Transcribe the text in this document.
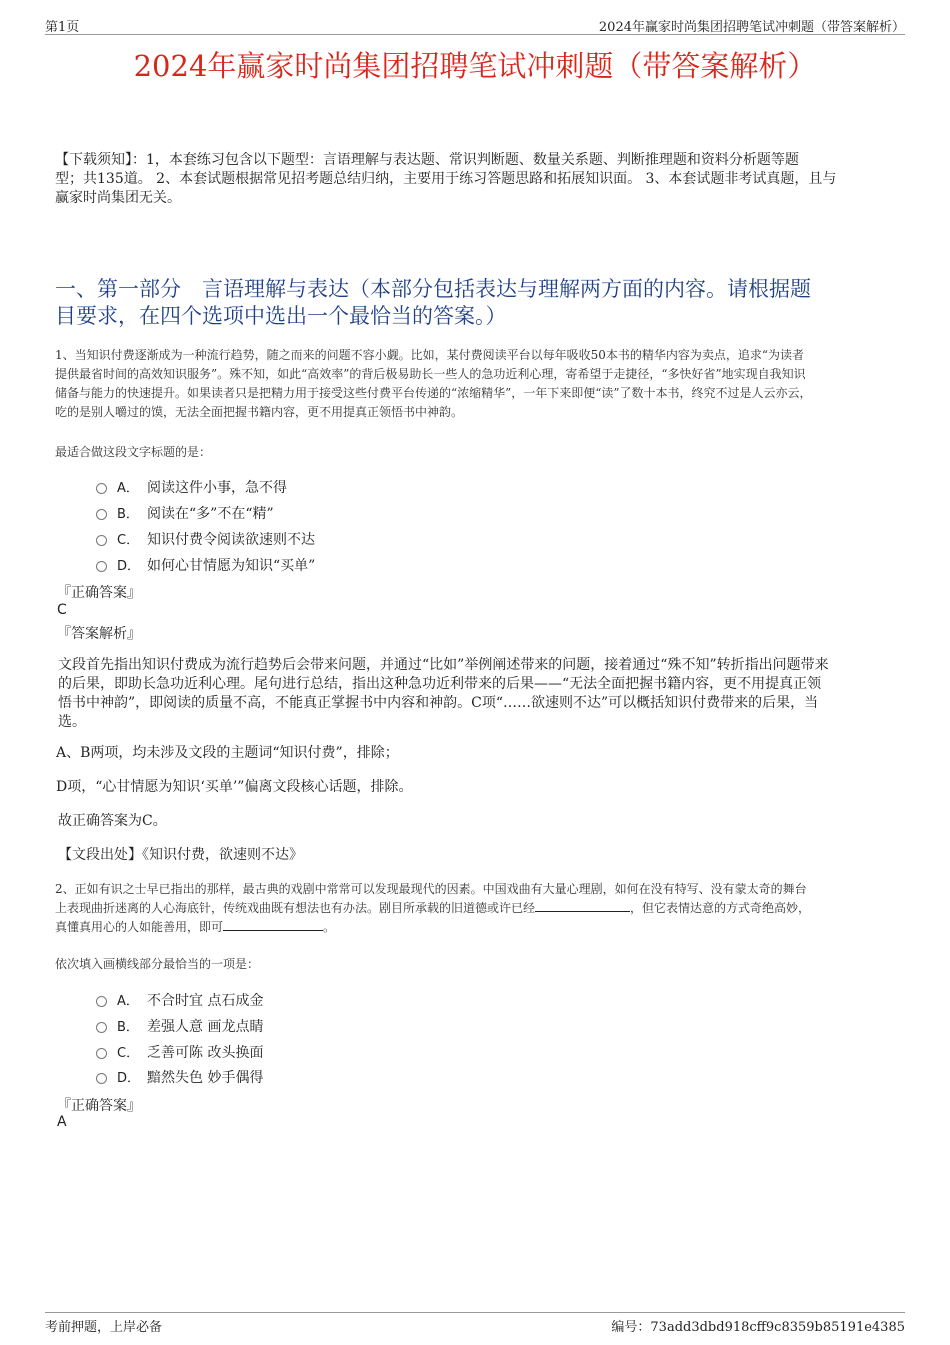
第1页	2024年赢家时尚集团招聘笔试冲刺题（带答案解析）
2024年赢家时尚集团招聘笔试冲刺题（带答案解析）
【下载须知】：1，本套练习包含以下题型：言语理解与表达题、常识判断题、数量关系题、判断推理题和资料分析题等题
型；共135道。 2、本套试题根据常见招考题总结归纳，主要用于练习答题思路和拓展知识面。 3、本套试题非考试真题，且与
赢家时尚集团无关。
一、第一部分　言语理解与表达（本部分包括表达与理解两方面的内容。请根据题
目要求，在四个选项中选出一个最恰当的答案。）
1、当知识付费逐渐成为一种流行趋势，随之而来的问题不容小觑。比如，某付费阅读平台以每年吸收50本书的精华内容为卖点，追求“为读者
提供最省时间的高效知识服务”。殊不知，如此“高效率”的背后极易助长一些人的急功近利心理，寄希望于走捷径，“多快好省”地实现自我知识
储备与能力的快速提升。如果读者只是把精力用于接受这些付费平台传递的“浓缩精华”，一年下来即便“读”了数十本书，终究不过是人云亦云，
吃的是别人嚼过的馍，无法全面把握书籍内容，更不用提真正领悟书中神韵。
最适合做这段文字标题的是：
A． 阅读这件小事，急不得
B． 阅读在“多”不在“精”
C． 知识付费令阅读欲速则不达
D． 如何心甘情愿为知识“买单”
『正确答案』
C
『答案解析』
文段首先指出知识付费成为流行趋势后会带来问题，并通过“比如”举例阐述带来的问题，接着通过“殊不知”转折指出问题带来
的后果，即助长急功近利心理。尾句进行总结，指出这种急功近利带来的后果——“无法全面把握书籍内容，更不用提真正领
悟书中神韵”，即阅读的质量不高，不能真正掌握书中内容和神韵。C项“……欲速则不达”可以概括知识付费带来的后果，当
选。
A、B两项，均未涉及文段的主题词“知识付费”，排除；
D项，“心甘情愿为知识‘买单’”偏离文段核心话题，排除。
故正确答案为C。
【文段出处】《知识付费，欲速则不达》
2、正如有识之士早已指出的那样，最古典的戏剧中常常可以发现最现代的因素。中国戏曲有大量心理剧，如何在没有特写、没有蒙太奇的舞台
上表现曲折迷离的人心海底针，传统戏曲既有想法也有办法。剧目所承载的旧道德或许已经	，但它表情达意的方式奇绝高妙，
真懂真用心的人如能善用，即可	。
依次填入画横线部分最恰当的一项是：
A． 不合时宜 点石成金
B． 差强人意 画龙点睛
C． 乏善可陈 改头换面
D． 黯然失色 妙手偶得
『正确答案』
A
考前押题，上岸必备	编号：73add3dbd918cff9c8359b85191e4385
